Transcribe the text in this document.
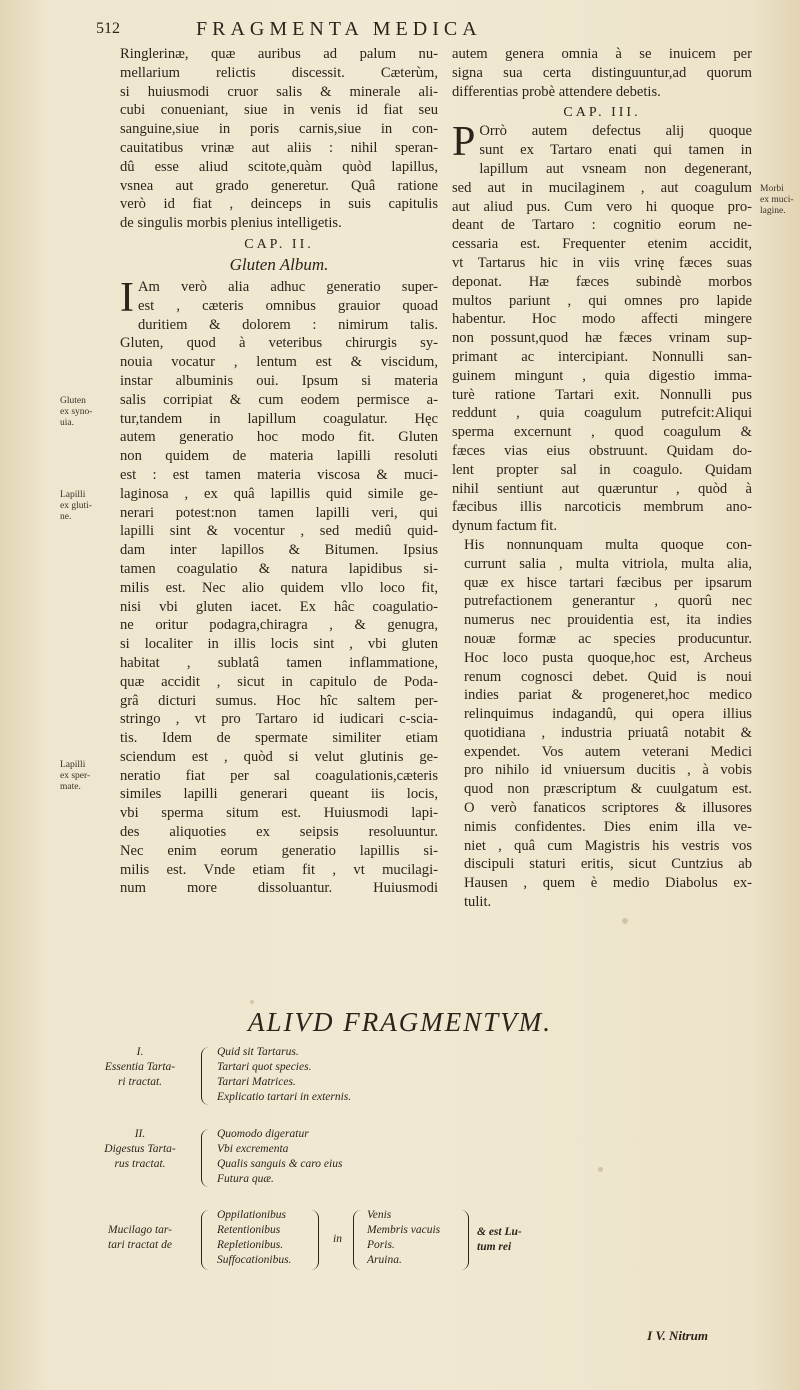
512	FRAGMENTA MEDICA
Ringlerinæ, quæ auribus ad palum nu-
mellarium relictis discessit. Cæterùm,
si huiusmodi cruor salis & minerale ali-
cubi conueniant, siue in venis id fiat seu
sanguine,siue in poris carnis,siue in con-
cauitatibus vrinæ aut aliis : nihil speran-
dû esse aliud scitote,quàm quòd lapillus,
vsnea aut grado generetur. Quâ ratione
verò id fiat , deinceps in suis capitulis
de singulis morbis plenius intelligetis.
CAP. II.
Gluten Album.
I Am verò alia adhuc generatio super-
est , cæteris omnibus grauior quoad
duritiem & dolorem : nimirum talis.
Gluten, quod à veteribus chirurgis sy-
nouia vocatur , lentum est & viscidum,
instar albuminis oui. Ipsum si materia
salis corripiat & cum eodem permisce a-
tur,tandem in lapillum coagulatur. Hęc
autem generatio hoc modo fit. Gluten
non quidem de materia lapilli resoluti
est : est tamen materia viscosa & muci-
laginosa , ex quâ lapillis quid simile ge-
nerari potest:non tamen lapilli veri, qui
lapilli sint & vocentur , sed mediû quid-
dam inter lapillos & Bitumen. Ipsius
tamen coagulatio & natura lapidibus si-
milis est. Nec alio quidem vllo loco fit,
nisi vbi gluten iacet. Ex hâc coagulatio-
ne oritur podagra,chiragra , & genugra,
si localiter in illis locis sint , vbi gluten
habitat , sublatâ tamen inflammatione,
quæ accidit , sicut in capitulo de Poda-
grâ dicturi sumus. Hoc hîc saltem per-
stringo , vt pro Tartaro id iudicari c-scia-
tis. Idem de spermate similiter etiam
sciendum est , quòd si velut glutinis ge-
neratio fiat per sal coagulationis,cæteris
similes lapilli generari queant iis locis,
vbi sperma situm est. Huiusmodi lapi-
des aliquoties ex seipsis resoluuntur.
Nec enim eorum generatio lapillis si-
milis est. Vnde etiam fit , vt mucilagi-
num more dissoluantur. Huiusmodi
autem genera omnia à se inuicem per
signa sua certa distinguuntur,ad quorum
differentias probè attendere debetis.
CAP. III.
P Orrò autem defectus alij quoque
sunt ex Tartaro enati qui tamen in
lapillum aut vsneam non degenerant,
sed aut in mucilaginem , aut coagulum
aut aliud pus. Cum vero hi quoque pro-
deant de Tartaro : cognitio eorum ne-
cessaria est. Frequenter etenim accidit,
vt Tartarus hic in viis vrinę fæces suas
deponat. Hæ fæces subindè morbos
multos pariunt , qui omnes pro lapide
habentur. Hoc modo affecti mingere
non possunt,quod hæ fæces vrinam sup-
primant ac intercipiant. Nonnulli san-
guinem mingunt , quia digestio imma-
turè ratione Tartari exit. Nonnulli pus
reddunt , quia coagulum putrefcit:Aliqui
sperma excernunt , quod coagulum &
fæces vias eius obstruunt. Quidam do-
lent propter sal in coagulo. Quidam
nihil sentiunt aut quæruntur , quòd à
fæcibus illis narcoticis membrum ano-
dynum factum fit.
His nonnunquam multa quoque con-
currunt salia , multa vitriola, multa alia,
quæ ex hisce tartari fæcibus per ipsarum
putrefactionem generantur , quorû nec
numerus nec prouidentia est, ita indies
nouæ formæ ac species producuntur.
Hoc loco pusta quoque,hoc est, Archeus
renum cognosci debet. Quid is noui
indies pariat & progeneret,hoc medico
relinquimus indagandû, qui opera illius
quotidiana , industria priuatâ notabit &
expendet. Vos autem veterani Medici
pro nihilo id vniuersum ducitis , à vobis
quod non præscriptum & cuulgatum est.
O verò fanaticos scriptores & illusores
nimis confidentes. Dies enim illa ve-
niet , quâ cum Magistris his vestris vos
discipuli staturi eritis, sicut Cuntzius ab
Hausen , quem è medio Diabolus ex-
tulit.
Gluten
ex syno-
uia.
Lapilli
ex gluti-
ne.
Lapilli
ex sper-
mate.
Morbi
ex muci-
lagine.
ALIVD FRAGMENTVM.
I.
Essentia Tarta-
ri tractat.
Quid sit Tartarus.
Tartari quot species.
Tartari Matrices.
Explicatio tartari in externis.
II.
Digestus Tarta-
rus tractat.
Quomodo digeratur
Vbi excrementa
Qualis sanguis & caro eius
Futura quæ.
Mucilago tar-
tari tractat de
Oppilationibus
Retentionibus
Repletionibus.
Suffocationibus.
in
Venis
Membris vacuis
Poris.
Aruina.
& est Lu-
tum rei
I V. Nitrum
